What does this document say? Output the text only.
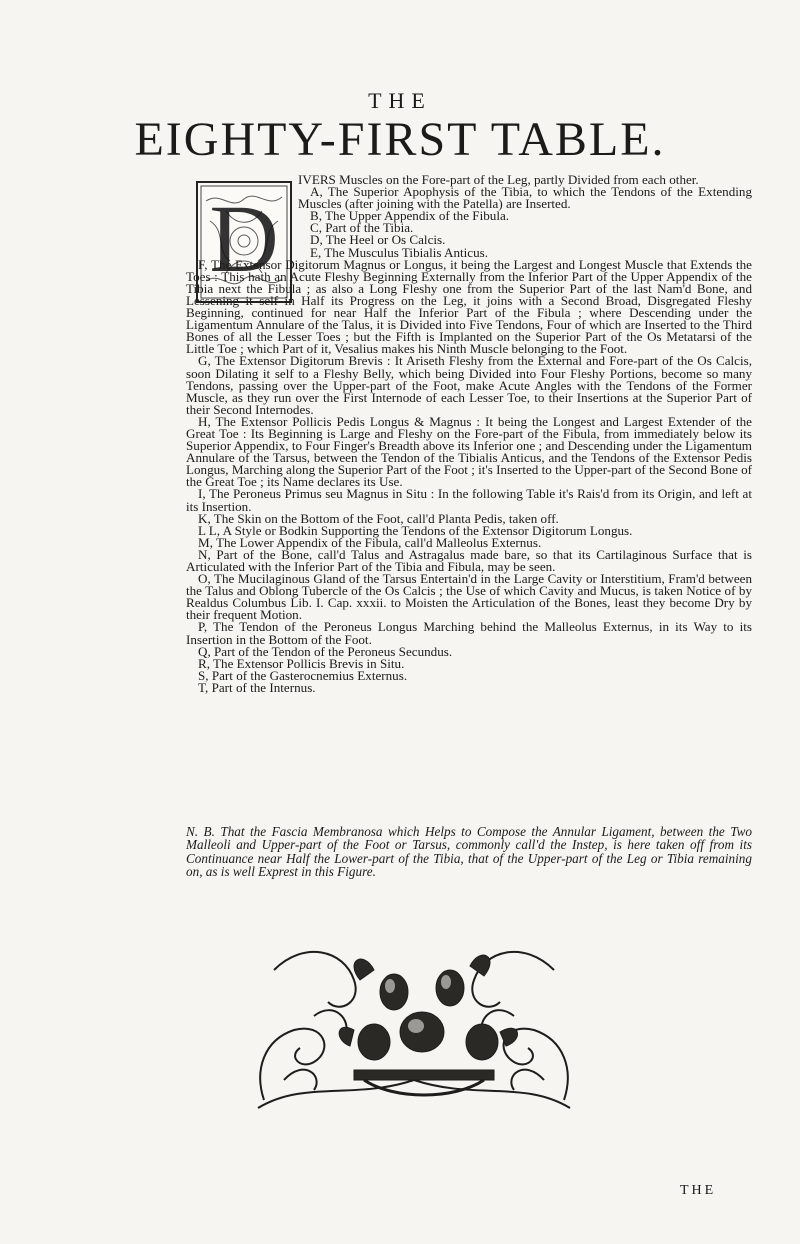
THE
EIGHTY-FIRST TABLE.
D

IVERS Muscles on the Fore-part of the Leg, partly Divided from each other.

A, The Superior Apophysis of the Tibia, to which the Tendons of the Extending Muscles (after joining with the Patella) are Inserted.

B, The Upper Appendix of the Fibula.

C, Part of the Tibia.

D, The Heel or Os Calcis.

E, The Musculus Tibialis Anticus.

F, The Extensor Digitorum Magnus or Longus, it being the Largest and Longest Muscle that Extends the Toes : This hath an Acute Fleshy Beginning Externally from the Inferior Part of the Upper Appendix of the Tibia next the Fibula ; as also a Long Fleshy one from the Superior Part of the last Nam'd Bone, and Lessening it self in Half its Progress on the Leg, it joins with a Second Broad, Disgregated Fleshy Beginning, continued for near Half the Inferior Part of the Fibula ; where Descending under the Ligamentum Annulare of the Talus, it is Divided into Five Tendons, Four of which are Inserted to the Third Bones of all the Lesser Toes ; but the Fifth is Implanted on the Superior Part of the Os Metatarsi of the Little Toe ; which Part of it, Vesalius makes his Ninth Muscle belonging to the Foot.

G, The Extensor Digitorum Brevis : It Ariseth Fleshy from the External and Fore-part of the Os Calcis, soon Dilating it self to a Fleshy Belly, which being Divided into Four Fleshy Portions, become so many Tendons, passing over the Upper-part of the Foot, make Acute Angles with the Tendons of the Former Muscle, as they run over the First Internode of each Lesser Toe, to their Insertions at the Superior Part of their Second Internodes.

H, The Extensor Pollicis Pedis Longus & Magnus : It being the Longest and Largest Extender of the Great Toe : Its Beginning is Large and Fleshy on the Fore-part of the Fibula, from immediately below its Superior Appendix, to Four Finger's Breadth above its Inferior one ; and Descending under the Ligamentum Annulare of the Tarsus, between the Tendon of the Tibialis Anticus, and the Tendons of the Extensor Pedis Longus, Marching along the Superior Part of the Foot ; it's Inserted to the Upper-part of the Second Bone of the Great Toe ; its Name declares its Use.

I, The Peroneus Primus seu Magnus in Situ : In the following Table it's Rais'd from its Origin, and left at its Insertion.

K, The Skin on the Bottom of the Foot, call'd Planta Pedis, taken off.

L L, A Style or Bodkin Supporting the Tendons of the Extensor Digitorum Longus.

M, The Lower Appendix of the Fibula, call'd Malleolus Externus.

N, Part of the Bone, call'd Talus and Astragalus made bare, so that its Cartilaginous Surface that is Articulated with the Inferior Part of the Tibia and Fibula, may be seen.

O, The Mucilaginous Gland of the Tarsus Entertain'd in the Large Cavity or Interstitium, Fram'd between the Talus and Oblong Tubercle of the Os Calcis ; the Use of which Cavity and Mucus, is taken Notice of by Realdus Columbus Lib. I. Cap. xxxii. to Moisten the Articulation of the Bones, least they become Dry by their frequent Motion.

P, The Tendon of the Peroneus Longus Marching behind the Malleolus Externus, in its Way to its Insertion in the Bottom of the Foot.

Q, Part of the Tendon of the Peroneus Secundus.

R, The Extensor Pollicis Brevis in Situ.

S, Part of the Gasterocnemius Externus.

T, Part of the Internus.

N. B. That the Fascia Membranosa which Helps to Compose the Annular Ligament, between the Two Malleoli and Upper-part of the Foot or Tarsus, commonly call'd the Instep, is here taken off from its Continuance near Half the Lower-part of the Tibia, that of the Upper-part of the Leg or Tibia remaining on, as is well Exprest in this Figure.
THE
